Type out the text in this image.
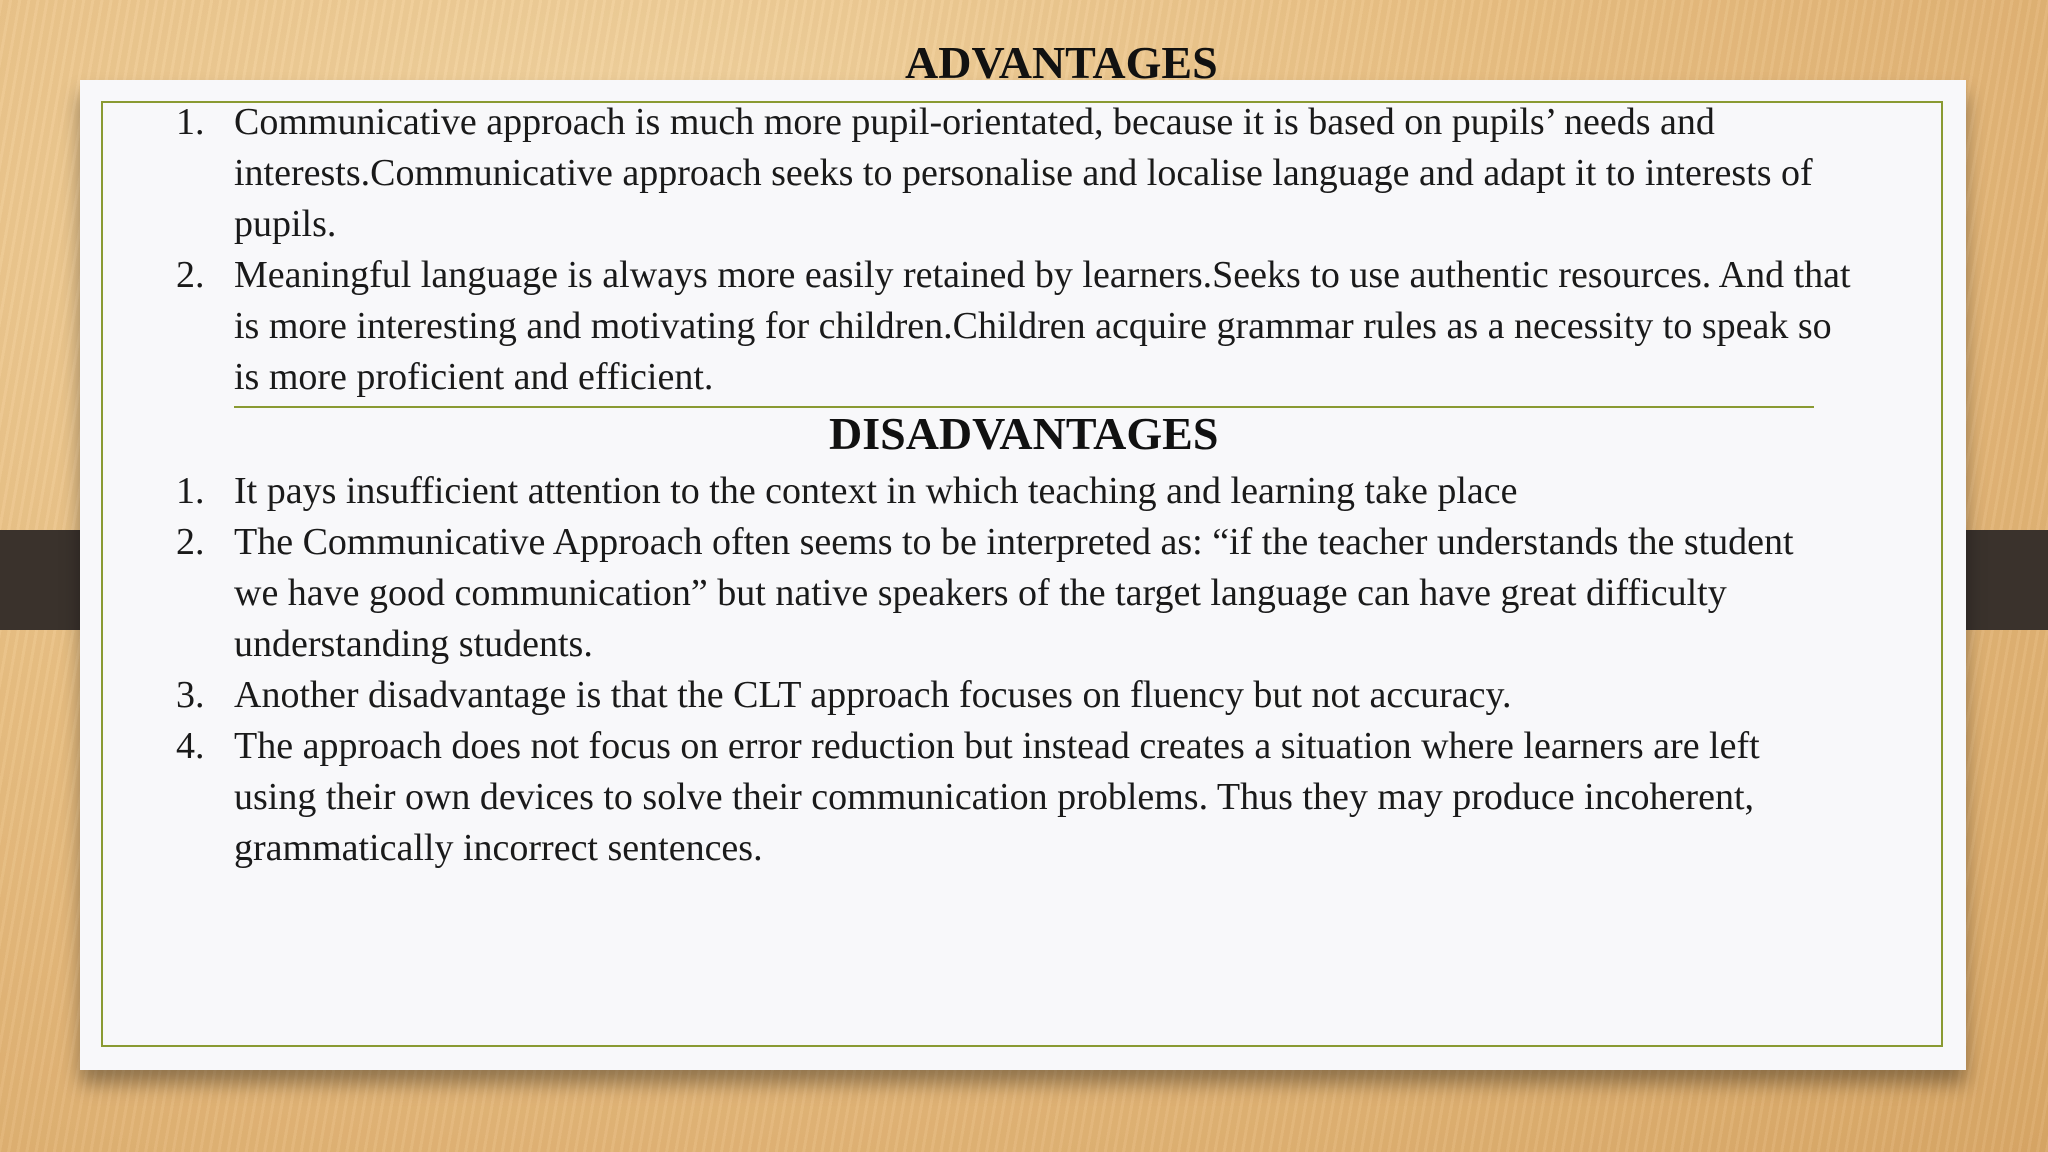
ADVANTAGES
1. Communicative approach is much more pupil-orientated, because it is based on pupils’ needs and
interests.Communicative approach seeks to personalise and localise language and adapt it to interests of
pupils.
2. Meaningful language is always more easily retained by learners.Seeks to use authentic resources. And that
is more interesting and motivating for children.Children acquire grammar rules as a necessity to speak so
is more proficient and efficient.
DISADVANTAGES
1. It pays insufficient attention to the context in which teaching and learning take place
2. The Communicative Approach often seems to be interpreted as: “if the teacher understands the student
we have good communication” but native speakers of the target language can have great difficulty
understanding students.
3. Another disadvantage is that the CLT approach focuses on fluency but not accuracy.
4. The approach does not focus on error reduction but instead creates a situation where learners are left
using their own devices to solve their communication problems. Thus they may produce incoherent,
grammatically incorrect sentences.
